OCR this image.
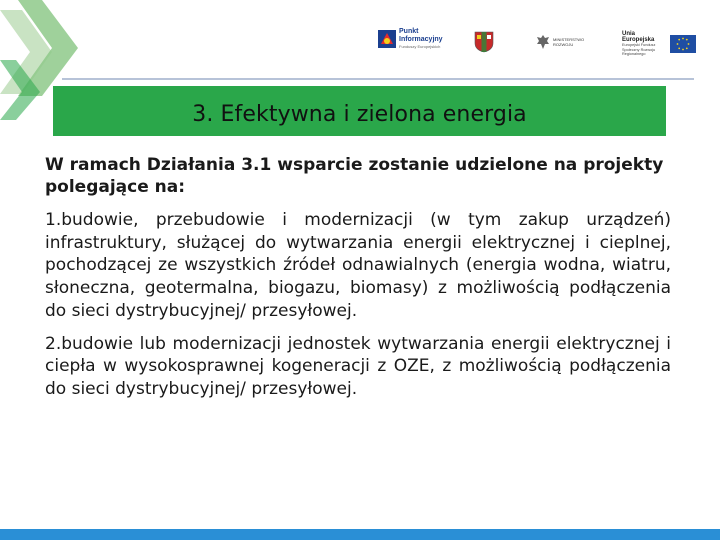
Punkt
Informacyjny
Funduszy Europejskich
MINISTERSTWO ROZWOJU
Unia Europejska
Europejski Fundusz Społeczny Rozwoju Regionalnego
3. Efektywna i zielona energia

W ramach Działania 3.1 wsparcie zostanie udzielone na projekty polegające na:

1.budowie, przebudowie i modernizacji (w tym zakup urządzeń) infrastruktury, służącej do wytwarzania energii elektrycznej i cieplnej, pochodzącej ze wszystkich źródeł odnawialnych (energia wodna, wiatru, słoneczna, geotermalna, biogazu, biomasy) z możliwością podłączenia do sieci dystrybucyjnej/ przesyłowej.

2.budowie lub modernizacji jednostek wytwarzania energii elektrycznej i ciepła w wysokosprawnej kogeneracji z OZE, z możliwością podłączenia do sieci dystrybucyjnej/ przesyłowej.
